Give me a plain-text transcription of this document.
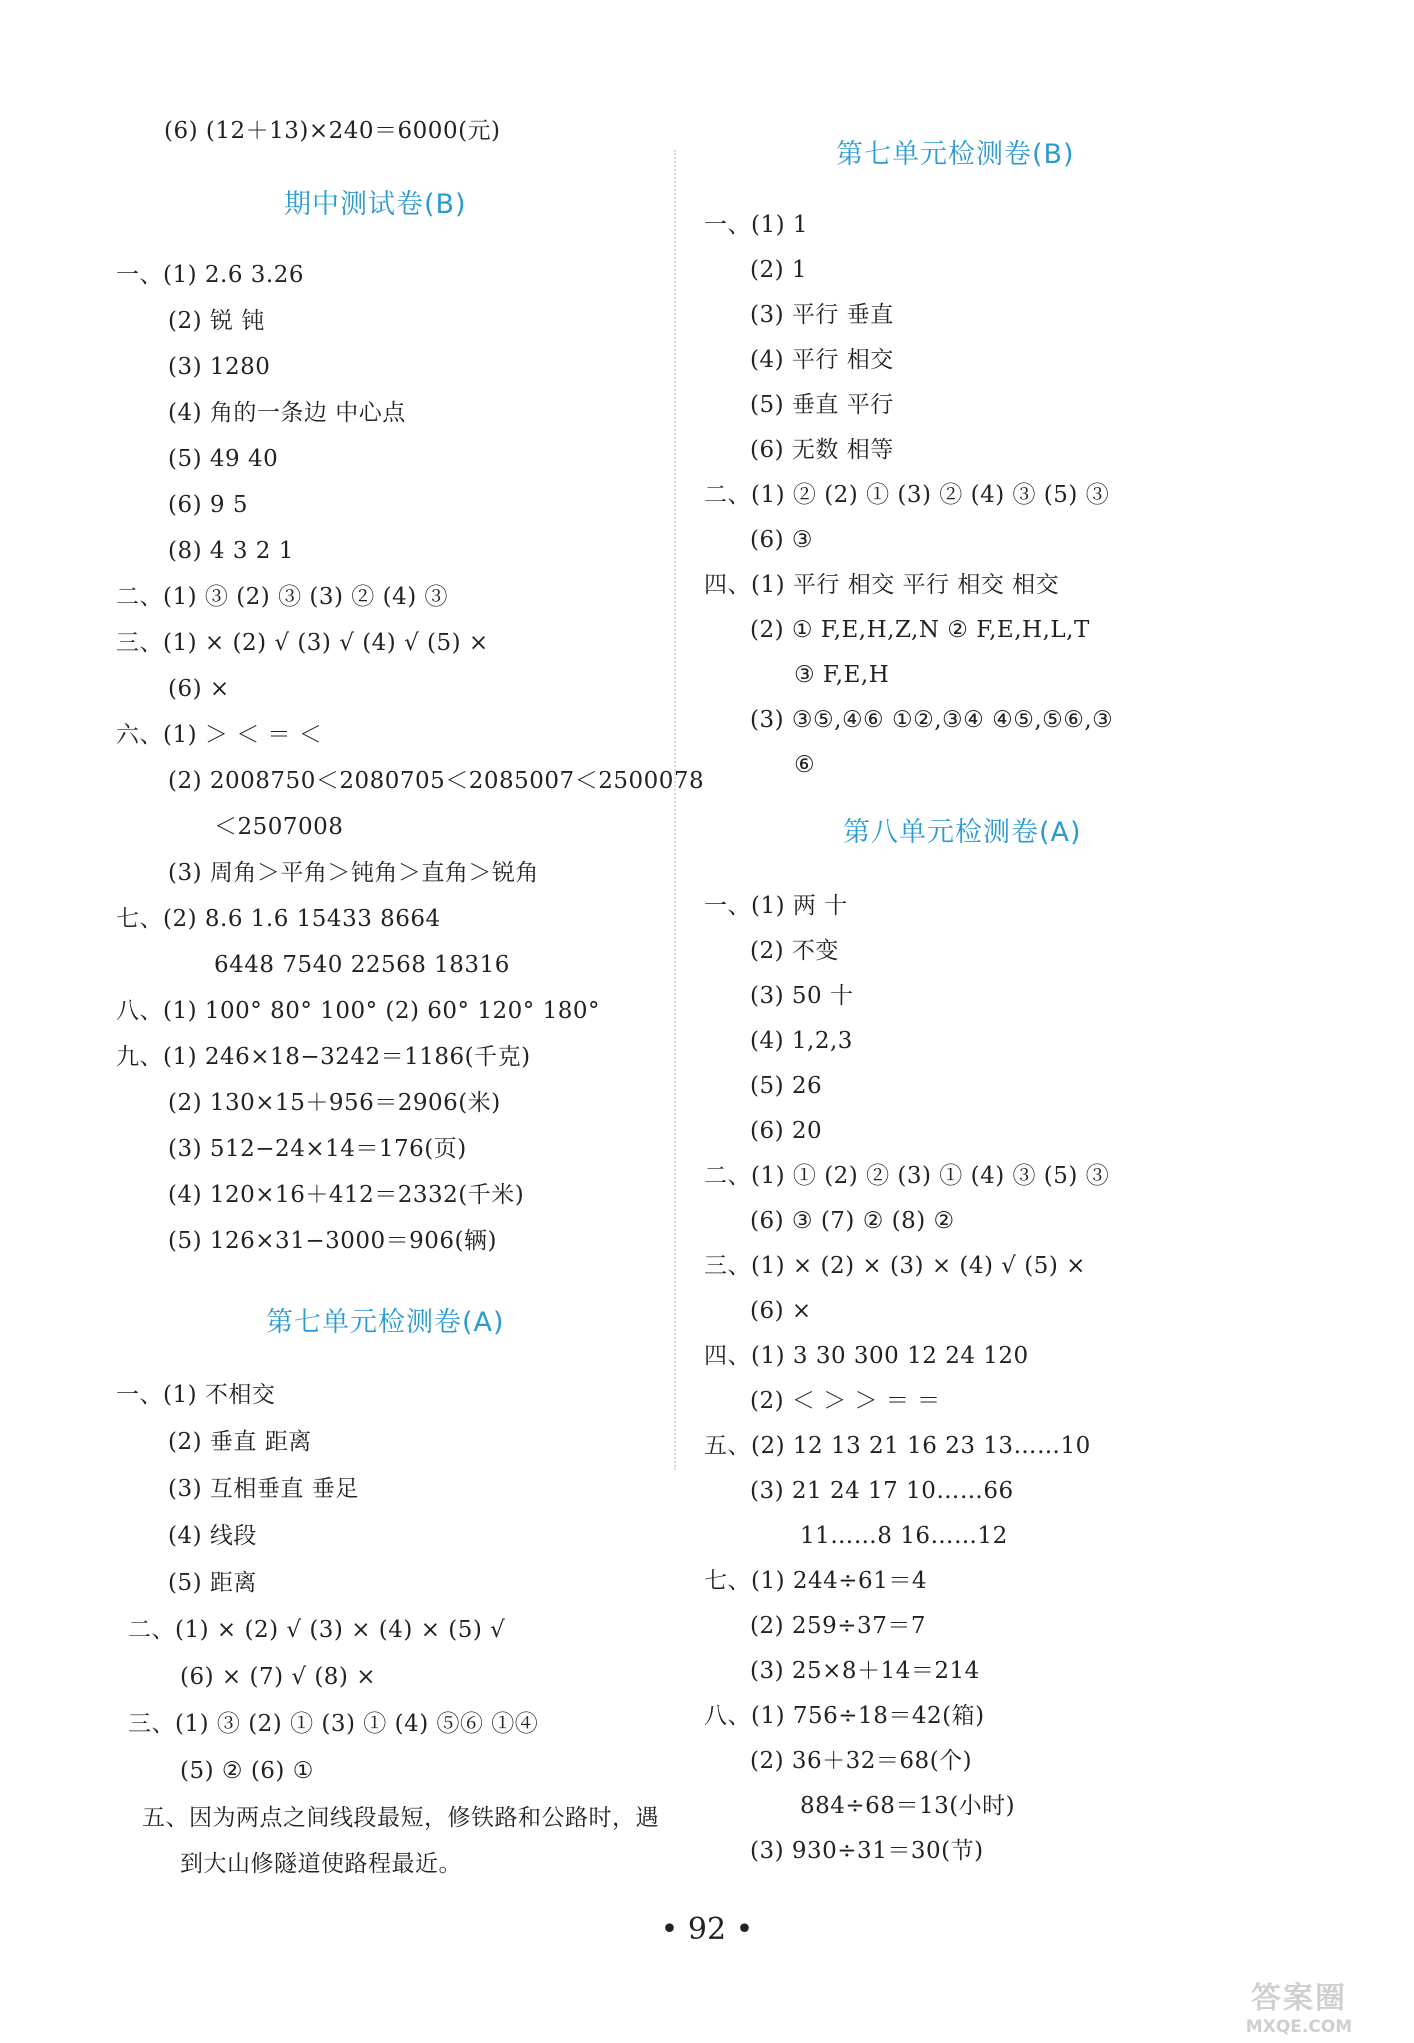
期中测试卷(B)
第七单元检测卷(A)
(6) (12＋13)×240＝6000(元)
一、(1) 2.6 3.26
(2) 锐 钝
(3) 1280
(4) 角的一条边 中心点
(5) 49 40
(6) 9 5
(8) 4 3 2 1
二、(1) ③ (2) ③ (3) ② (4) ③
三、(1) × (2) √ (3) √ (4) √ (5) ×
(6) ×
六、(1) ＞ ＜ ＝ ＜
(2) 2008750＜2080705＜2085007＜2500078
＜2507008
(3) 周角＞平角＞钝角＞直角＞锐角
七、(2) 8.6 1.6 15433 8664
6448 7540 22568 18316
八、(1) 100° 80° 100° (2) 60° 120° 180°
九、(1) 246×18−3242＝1186(千克)
(2) 130×15＋956＝2906(米)
(3) 512−24×14＝176(页)
(4) 120×16＋412＝2332(千米)
(5) 126×31−3000＝906(辆)
一、(1) 不相交
(2) 垂直 距离
(3) 互相垂直 垂足
(4) 线段
(5) 距离
二、(1) × (2) √ (3) × (4) × (5) √
(6) × (7) √ (8) ×
三、(1) ③ (2) ① (3) ① (4) ⑤⑥ ①④
(5) ② (6) ①
五、因为两点之间线段最短，修铁路和公路时，遇
到大山修隧道使路程最近。
第七单元检测卷(B)
第八单元检测卷(A)
一、(1) 1
(2) 1
(3) 平行 垂直
(4) 平行 相交
(5) 垂直 平行
(6) 无数 相等
二、(1) ② (2) ① (3) ② (4) ③ (5) ③
(6) ③
四、(1) 平行 相交 平行 相交 相交
(2) ① F,E,H,Z,N ② F,E,H,L,T
③ F,E,H
(3) ③⑤,④⑥ ①②,③④ ④⑤,⑤⑥,③
⑥
一、(1) 两 十
(2) 不变
(3) 50 十
(4) 1,2,3
(5) 26
(6) 20
二、(1) ① (2) ② (3) ① (4) ③ (5) ③
(6) ③ (7) ② (8) ②
三、(1) × (2) × (3) × (4) √ (5) ×
(6) ×
四、(1) 3 30 300 12 24 120
(2) ＜ ＞ ＞ ＝ ＝
五、(2) 12 13 21 16 23 13……10
(3) 21 24 17 10……66
11……8 16……12
七、(1) 244÷61＝4
(2) 259÷37＝7
(3) 25×8＋14＝214
八、(1) 756÷18＝42(箱)
(2) 36＋32＝68(个)
884÷68＝13(小时)
(3) 930÷31＝30(节)
• 92 •
答案圈
MXQE.COM
